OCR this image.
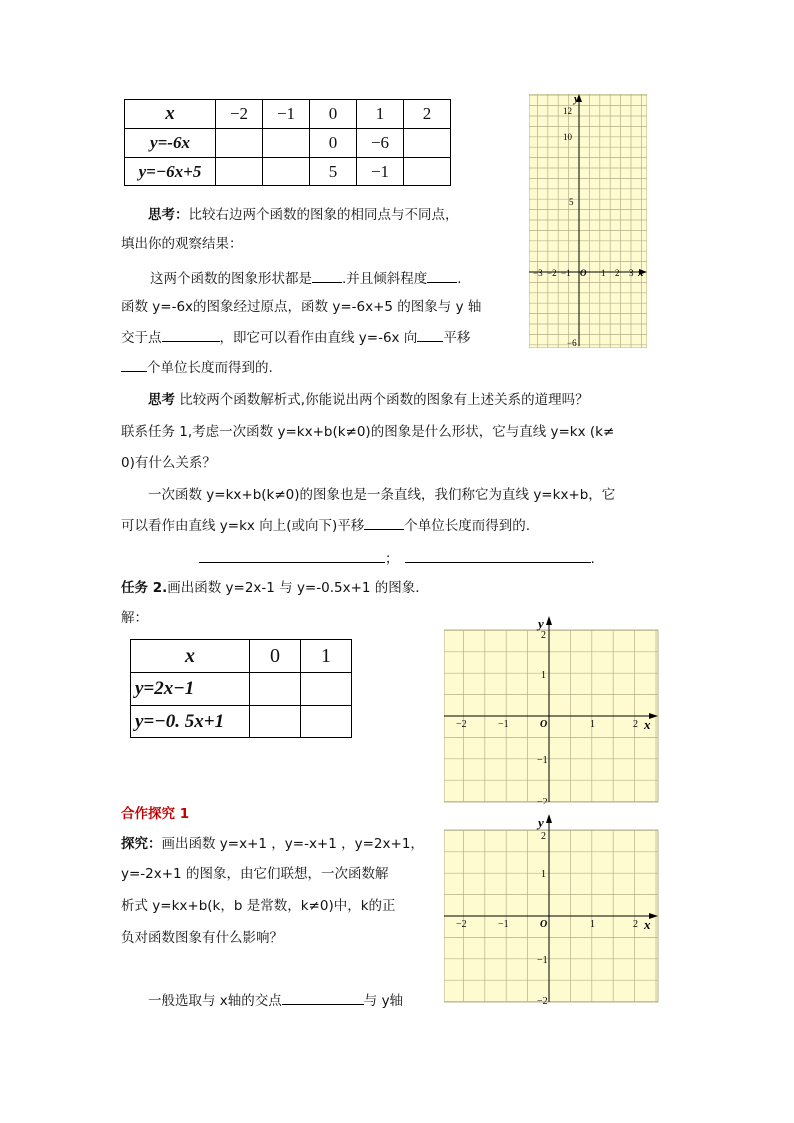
x	−2	−1	0	1	2
y=-6x			0	−6	
y=−6x+5			5	−1	
12
10
5
−6
−3 −2 −1 O 1 2 3 x
y
思考：比较右边两个函数的图象的相同点与不同点，
填出你的观察结果：
这两个函数的图象形状都是 .并且倾斜程度 .
函数 y=-6x的图象经过原点，函数 y=-6x+5 的图象与 y 轴
交于点	，即它可以看作由直线 y=-6x 向 平移
个单位长度而得到的.
思考 比较两个函数解析式,你能说出两个函数的图象有上述关系的道理吗？
联系任务 1,考虑一次函数 y=kx+b(k≠0)的图象是什么形状，它与直线 y=kx (k≠
0)有什么关系？
一次函数 y=kx+b(k≠0)的图象也是一条直线，我们称它为直线 y=kx+b，它
可以看作由直线 y=kx 向上(或向下)平移	个单位长度而得到的.
；	.
任务 2.画出函数 y=2x-1 与 y=-0.5x+1 的图象.
解：
x	0	1
y=2x−1		
y=−0. 5x+1		
2
1
−1
−2
−2	−1	O	1	2 x
y
合作探究 1
探究：画出函数 y=x+1 ，y=-x+1 ，y=2x+1，
y=-2x+1 的图象，由它们联想，一次函数解
析式 y=kx+b(k，b 是常数，k≠0)中，k的正
负对函数图象有什么影响？
一般选取与 x轴的交点	与 y轴
2
1
−1
−2
−2	−1	O	1	2 x
y
